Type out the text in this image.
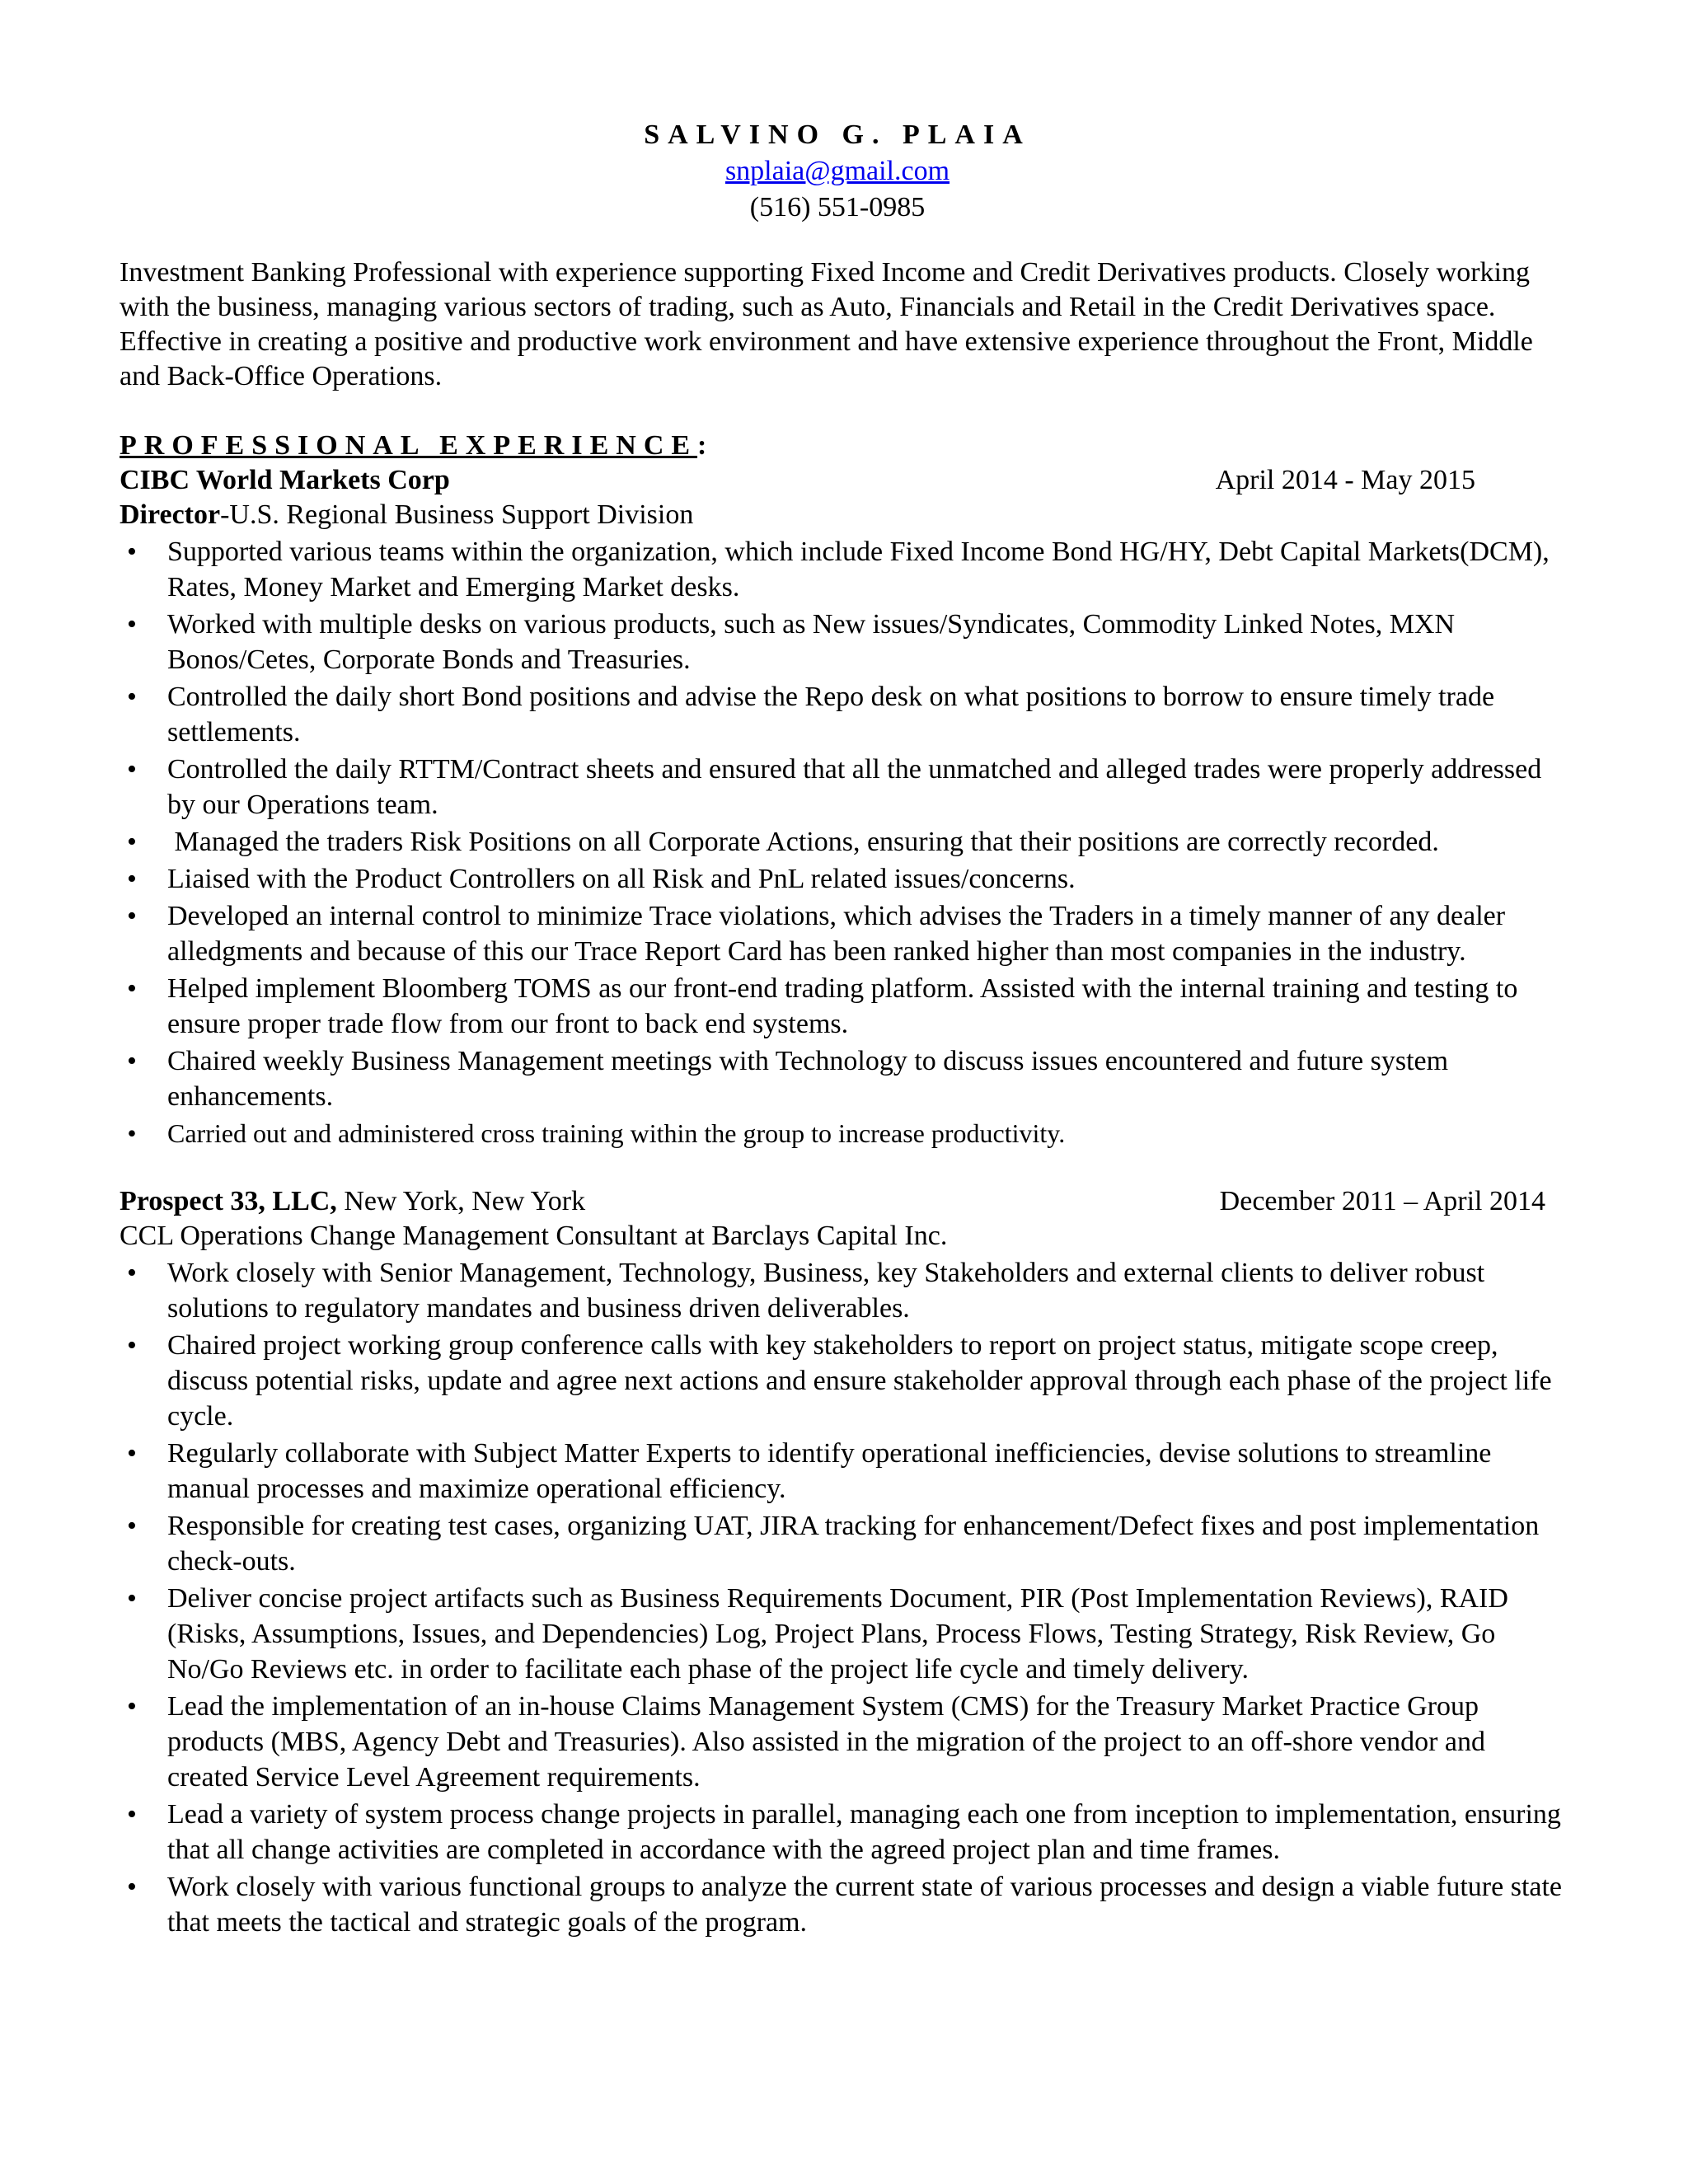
SALVINO G. PLAIA
snplaia@gmail.com
(516) 551-0985
Investment Banking Professional with experience supporting Fixed Income and Credit Derivatives products. Closely working with the business, managing various sectors of trading, such as Auto, Financials and Retail in the Credit Derivatives space. Effective in creating a positive and productive work environment and have extensive experience throughout the Front, Middle and Back-Office Operations.
PROFESSIONAL EXPERIENCE:
CIBC World Markets Corp	April 2014 - May 2015
Director-U.S. Regional Business Support Division
• Supported various teams within the organization, which include Fixed Income Bond HG/HY, Debt Capital Markets(DCM), Rates, Money Market and Emerging Market desks.
• Worked with multiple desks on various products, such as New issues/Syndicates, Commodity Linked Notes, MXN Bonos/Cetes, Corporate Bonds and Treasuries.
• Controlled the daily short Bond positions and advise the Repo desk on what positions to borrow to ensure timely trade settlements.
• Controlled the daily RTTM/Contract sheets and ensured that all the unmatched and alleged trades were properly addressed by our Operations team.
• Managed the traders Risk Positions on all Corporate Actions, ensuring that their positions are correctly recorded.
• Liaised with the Product Controllers on all Risk and PnL related issues/concerns.
• Developed an internal control to minimize Trace violations, which advises the Traders in a timely manner of any dealer alledgments and because of this our Trace Report Card has been ranked higher than most companies in the industry.
• Helped implement Bloomberg TOMS as our front-end trading platform. Assisted with the internal training and testing to ensure proper trade flow from our front to back end systems.
• Chaired weekly Business Management meetings with Technology to discuss issues encountered and future system enhancements.
• Carried out and administered cross training within the group to increase productivity.
Prospect 33, LLC, New York, New York	December 2011 – April 2014
CCL Operations Change Management Consultant at Barclays Capital Inc.
• Work closely with Senior Management, Technology, Business, key Stakeholders and external clients to deliver robust solutions to regulatory mandates and business driven deliverables.
• Chaired project working group conference calls with key stakeholders to report on project status, mitigate scope creep, discuss potential risks, update and agree next actions and ensure stakeholder approval through each phase of the project life cycle.
• Regularly collaborate with Subject Matter Experts to identify operational inefficiencies, devise solutions to streamline manual processes and maximize operational efficiency.
• Responsible for creating test cases, organizing UAT, JIRA tracking for enhancement/Defect fixes and post implementation check-outs.
• Deliver concise project artifacts such as Business Requirements Document, PIR (Post Implementation Reviews), RAID (Risks, Assumptions, Issues, and Dependencies) Log, Project Plans, Process Flows, Testing Strategy, Risk Review, Go No/Go Reviews etc. in order to facilitate each phase of the project life cycle and timely delivery.
• Lead the implementation of an in-house Claims Management System (CMS) for the Treasury Market Practice Group products (MBS, Agency Debt and Treasuries). Also assisted in the migration of the project to an off-shore vendor and created Service Level Agreement requirements.
• Lead a variety of system process change projects in parallel, managing each one from inception to implementation, ensuring that all change activities are completed in accordance with the agreed project plan and time frames.
• Work closely with various functional groups to analyze the current state of various processes and design a viable future state that meets the tactical and strategic goals of the program.
